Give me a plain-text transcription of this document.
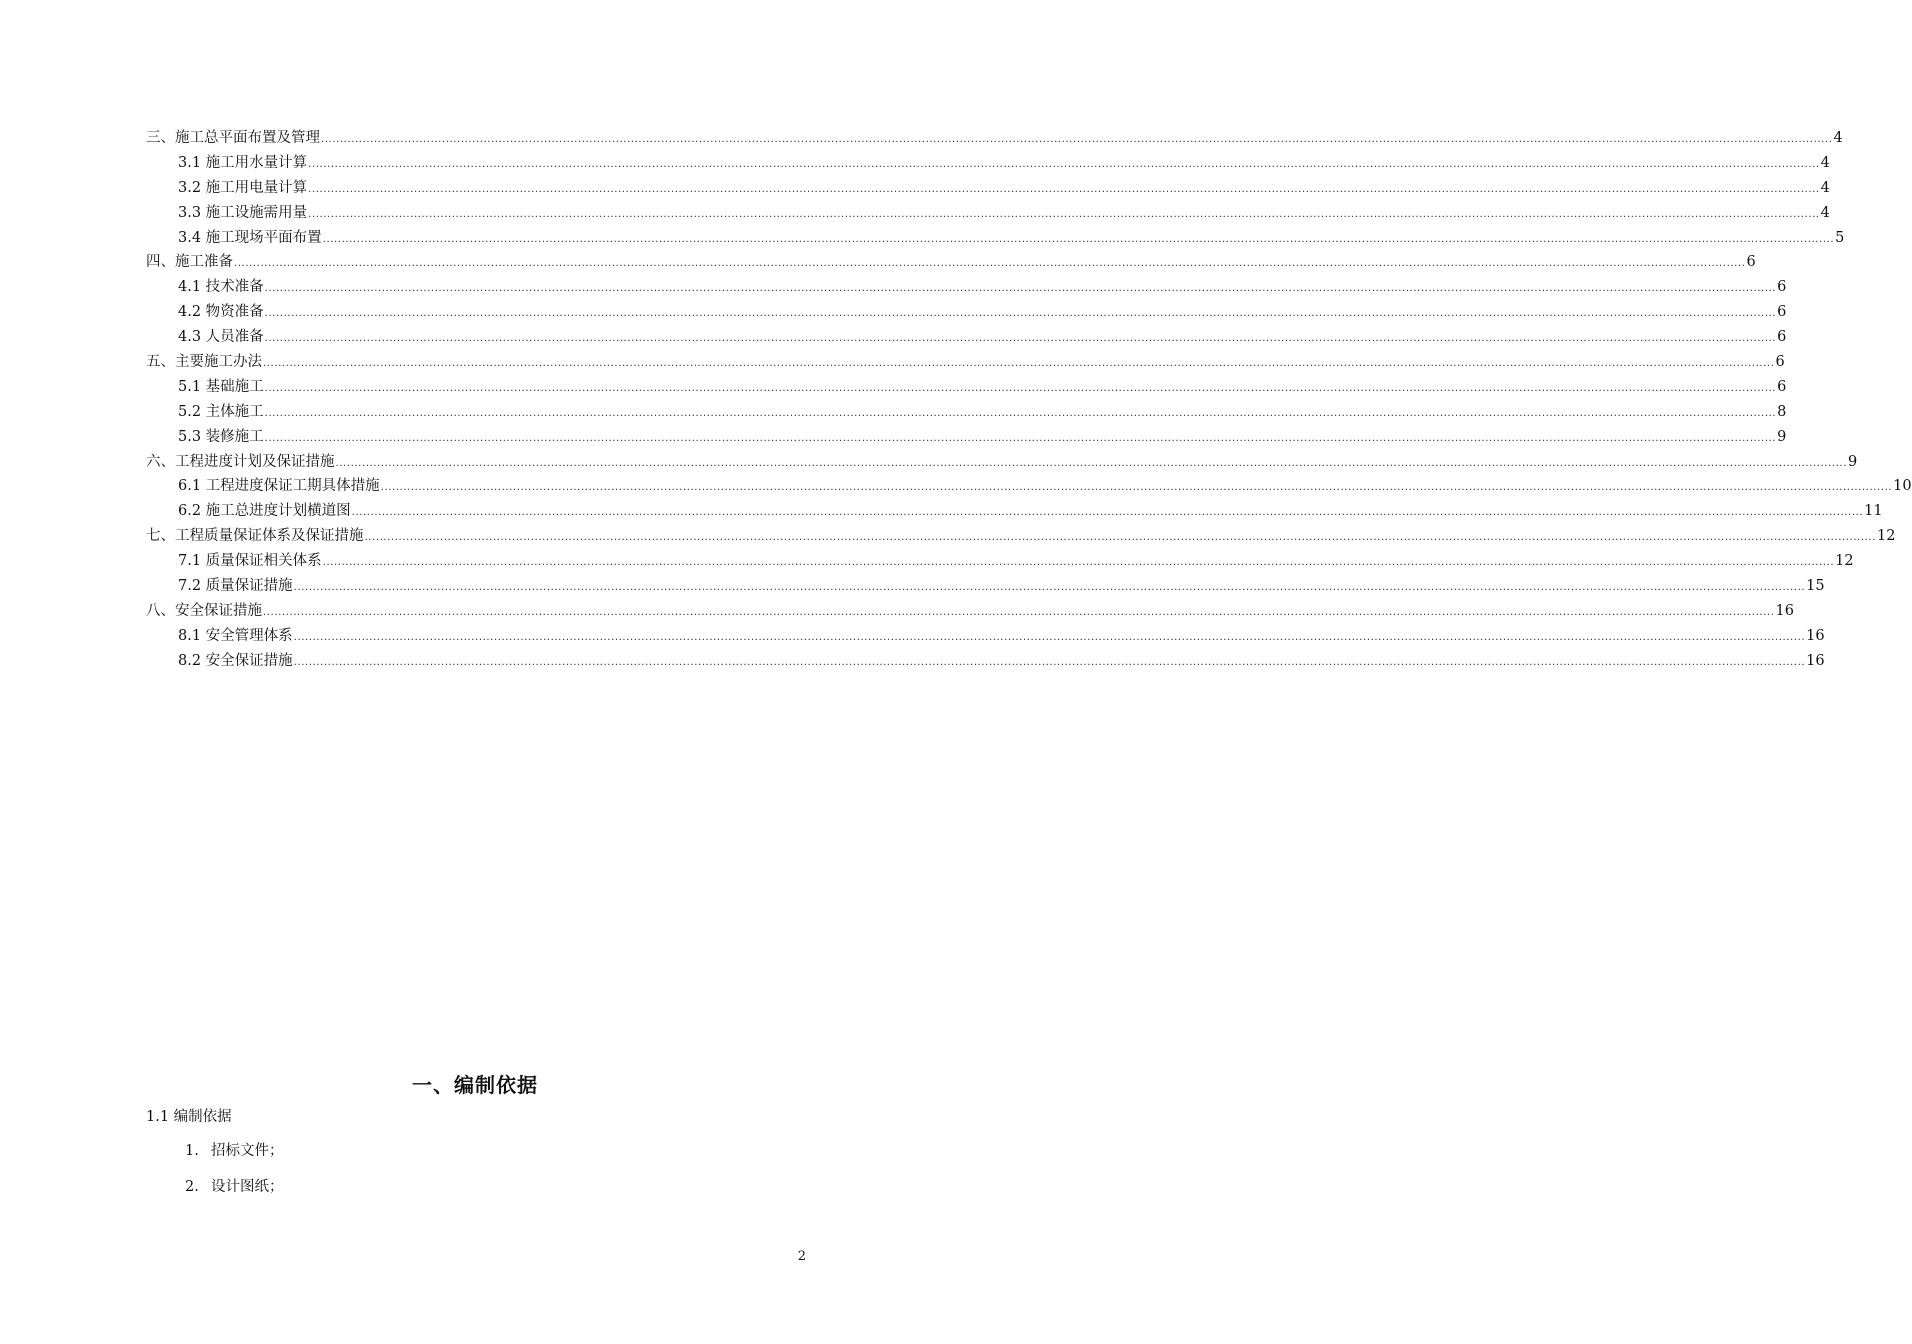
三、施工总平面布置及管理 ................................................................................................................................................................................................................................................................................................................................................................................................................ 4
3.1 施工用水量计算 ................................................................................................................................................................................................................................................................................................................................................................................................................ 4
3.2 施工用电量计算 ................................................................................................................................................................................................................................................................................................................................................................................................................ 4
3.3 施工设施需用量 ................................................................................................................................................................................................................................................................................................................................................................................................................ 4
3.4 施工现场平面布置 ................................................................................................................................................................................................................................................................................................................................................................................................................ 5
四、施工准备 ................................................................................................................................................................................................................................................................................................................................................................................................................ 6
4.1 技术准备 ................................................................................................................................................................................................................................................................................................................................................................................................................ 6
4.2 物资准备 ................................................................................................................................................................................................................................................................................................................................................................................................................ 6
4.3 人员准备 ................................................................................................................................................................................................................................................................................................................................................................................................................ 6
五、主要施工办法 ................................................................................................................................................................................................................................................................................................................................................................................................................ 6
5.1 基础施工 ................................................................................................................................................................................................................................................................................................................................................................................................................ 6
5.2 主体施工 ................................................................................................................................................................................................................................................................................................................................................................................................................ 8
5.3 装修施工 ................................................................................................................................................................................................................................................................................................................................................................................................................ 9
六、工程进度计划及保证措施 ................................................................................................................................................................................................................................................................................................................................................................................................................ 9
6.1 工程进度保证工期具体措施 ................................................................................................................................................................................................................................................................................................................................................................................................................ 10
6.2 施工总进度计划横道图 ................................................................................................................................................................................................................................................................................................................................................................................................................ 11
七、工程质量保证体系及保证措施 ................................................................................................................................................................................................................................................................................................................................................................................................................ 12
7.1 质量保证相关体系 ................................................................................................................................................................................................................................................................................................................................................................................................................ 12
7.2 质量保证措施 ................................................................................................................................................................................................................................................................................................................................................................................................................ 15
八、安全保证措施 ................................................................................................................................................................................................................................................................................................................................................................................................................ 16
8.1 安全管理体系 ................................................................................................................................................................................................................................................................................................................................................................................................................ 16
8.2 安全保证措施 ................................................................................................................................................................................................................................................................................................................................................................................................................ 16
一、编制依据
1.1 编制依据
1. 招标文件；
2. 设计图纸；
2
